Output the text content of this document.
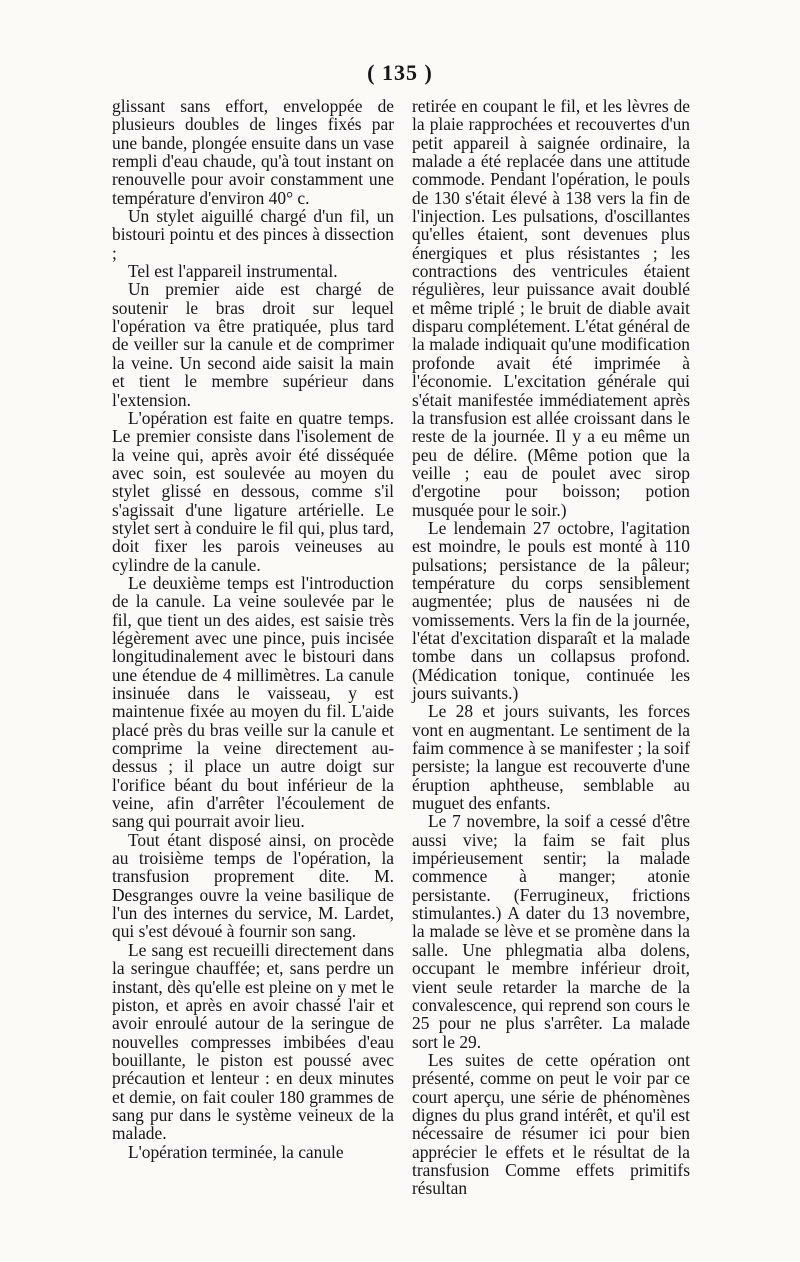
( 135 )

glissant sans effort, enveloppée de plusieurs doubles de linges fixés par une bande, plongée ensuite dans un vase rempli d'eau chaude, qu'à tout instant on renouvelle pour avoir constamment une température d'environ 40° c.

Un stylet aiguillé chargé d'un fil, un bistouri pointu et des pinces à dissection ;

Tel est l'appareil instrumental.

Un premier aide est chargé de soutenir le bras droit sur lequel l'opération va être pratiquée, plus tard de veiller sur la canule et de comprimer la veine. Un second aide saisit la main et tient le membre supérieur dans l'extension.

L'opération est faite en quatre temps. Le premier consiste dans l'isolement de la veine qui, après avoir été disséquée avec soin, est soulevée au moyen du stylet glissé en dessous, comme s'il s'agissait d'une ligature artérielle. Le stylet sert à conduire le fil qui, plus tard, doit fixer les parois veineuses au cylindre de la canule.

Le deuxième temps est l'introduction de la canule. La veine soulevée par le fil, que tient un des aides, est saisie très légèrement avec une pince, puis incisée longitudinalement avec le bistouri dans une étendue de 4 millimètres. La canule insinuée dans le vaisseau, y est maintenue fixée au moyen du fil. L'aide placé près du bras veille sur la canule et comprime la veine directement au-dessus ; il place un autre doigt sur l'orifice béant du bout inférieur de la veine, afin d'arrêter l'écoulement de sang qui pourrait avoir lieu.

Tout étant disposé ainsi, on procède au troisième temps de l'opération, la transfusion proprement dite. M. Desgranges ouvre la veine basilique de l'un des internes du service, M. Lardet, qui s'est dévoué à fournir son sang.

Le sang est recueilli directement dans la seringue chauffée; et, sans perdre un instant, dès qu'elle est pleine on y met le piston, et après en avoir chassé l'air et avoir enroulé autour de la seringue de nouvelles compresses imbibées d'eau bouillante, le piston est poussé avec précaution et lenteur : en deux minutes et demie, on fait couler 180 grammes de sang pur dans le système veineux de la malade.

L'opération terminée, la canule

retirée en coupant le fil, et les lèvres de la plaie rapprochées et recouvertes d'un petit appareil à saignée ordinaire, la malade a été replacée dans une attitude commode. Pendant l'opération, le pouls de 130 s'était élevé à 138 vers la fin de l'injection. Les pulsations, d'oscillantes qu'elles étaient, sont devenues plus énergiques et plus résistantes ; les contractions des ventricules étaient régulières, leur puissance avait doublé et même triplé ; le bruit de diable avait disparu complétement. L'état général de la malade indiquait qu'une modification profonde avait été imprimée à l'économie. L'excitation générale qui s'était manifestée immédiatement après la transfusion est allée croissant dans le reste de la journée. Il y a eu même un peu de délire. (Même potion que la veille ; eau de poulet avec sirop d'ergotine pour boisson; potion musquée pour le soir.)

Le lendemain 27 octobre, l'agitation est moindre, le pouls est monté à 110 pulsations; persistance de la pâleur; température du corps sensiblement augmentée; plus de nausées ni de vomissements. Vers la fin de la journée, l'état d'excitation disparaît et la malade tombe dans un collapsus profond. (Médication tonique, continuée les jours suivants.)

Le 28 et jours suivants, les forces vont en augmentant. Le sentiment de la faim commence à se manifester ; la soif persiste; la langue est recouverte d'une éruption aphtheuse, semblable au muguet des enfants.

Le 7 novembre, la soif a cessé d'être aussi vive; la faim se fait plus impérieusement sentir; la malade commence à manger; atonie persistante. (Ferrugineux, frictions stimulantes.) A dater du 13 novembre, la malade se lève et se promène dans la salle. Une phlegmatia alba dolens, occupant le membre inférieur droit, vient seule retarder la marche de la convalescence, qui reprend son cours le 25 pour ne plus s'arrêter. La malade sort le 29.

Les suites de cette opération ont présenté, comme on peut le voir par ce court aperçu, une série de phénomènes dignes du plus grand intérêt, et qu'il est nécessaire de résumer ici pour bien apprécier le effets et le résultat de la transfusion Comme effets primitifs résultan
